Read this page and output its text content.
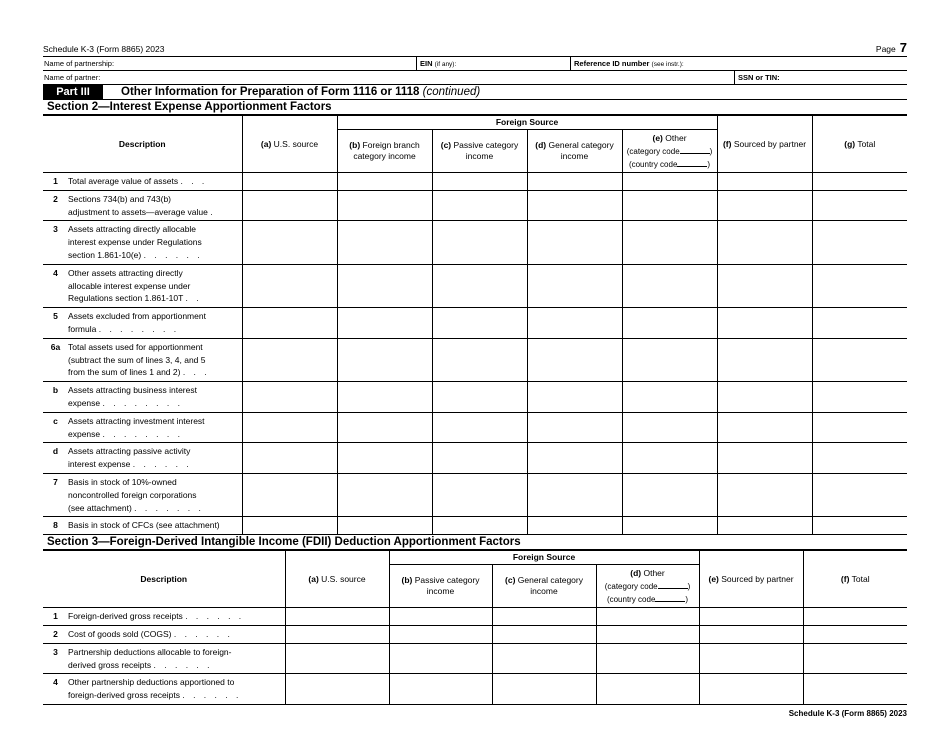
Schedule K-3 (Form 8865) 2023	Page 7
Name of partnership:	EIN (if any):	Reference ID number (see instr.):
Name of partner:	SSN or TIN:
Part III	Other Information for Preparation of Form 1116 or 1118 (continued)
Section 2—Interest Expense Apportionment Factors
Description	(a) U.S. source	Foreign Source				(f) Sourced by partner	(g) Total
		(b) Foreign branch category income	(c) Passive category income	(d) General category income	(e) Other
(category code )
(country code )		

1 Total average value of assets . . .							

2 Sections 734(b) and 743(b)
adjustment to assets—average value .							

3 Assets attracting directly allocable
interest expense under Regulations
section 1.861-10(e) . . . . . .							

4 Other assets attracting directly
allocable interest expense under
Regulations section 1.861-10T . .							

5 Assets excluded from apportionment
formula . . . . . . . .							

6a Total assets used for apportionment
(subtract the sum of lines 3, 4, and 5
from the sum of lines 1 and 2) . . .							

b Assets attracting business interest
expense . . . . . . . .							

c Assets attracting investment interest
expense . . . . . . . .							

d Assets attracting passive activity
interest expense . . . . . .							

7 Basis in stock of 10%-owned
noncontrolled foreign corporations
(see attachment) . . . . . . .							

8 Basis in stock of CFCs (see attachment)							

Section 3—Foreign-Derived Intangible Income (FDII) Deduction Apportionment Factors
Description	(a) U.S. source	Foreign Source			(e) Sourced by partner	(f) Total
		(b) Passive category income	(c) General category income	(d) Other
(category code )
(country code )		

1 Foreign-derived gross receipts . . . . . .						

2 Cost of goods sold (COGS) . . . . . .						

3 Partnership deductions allocable to foreign-
derived gross receipts . . . . . .						

4 Other partnership deductions apportioned to
foreign-derived gross receipts . . . . . .						

Schedule K-3 (Form 8865) 2023
